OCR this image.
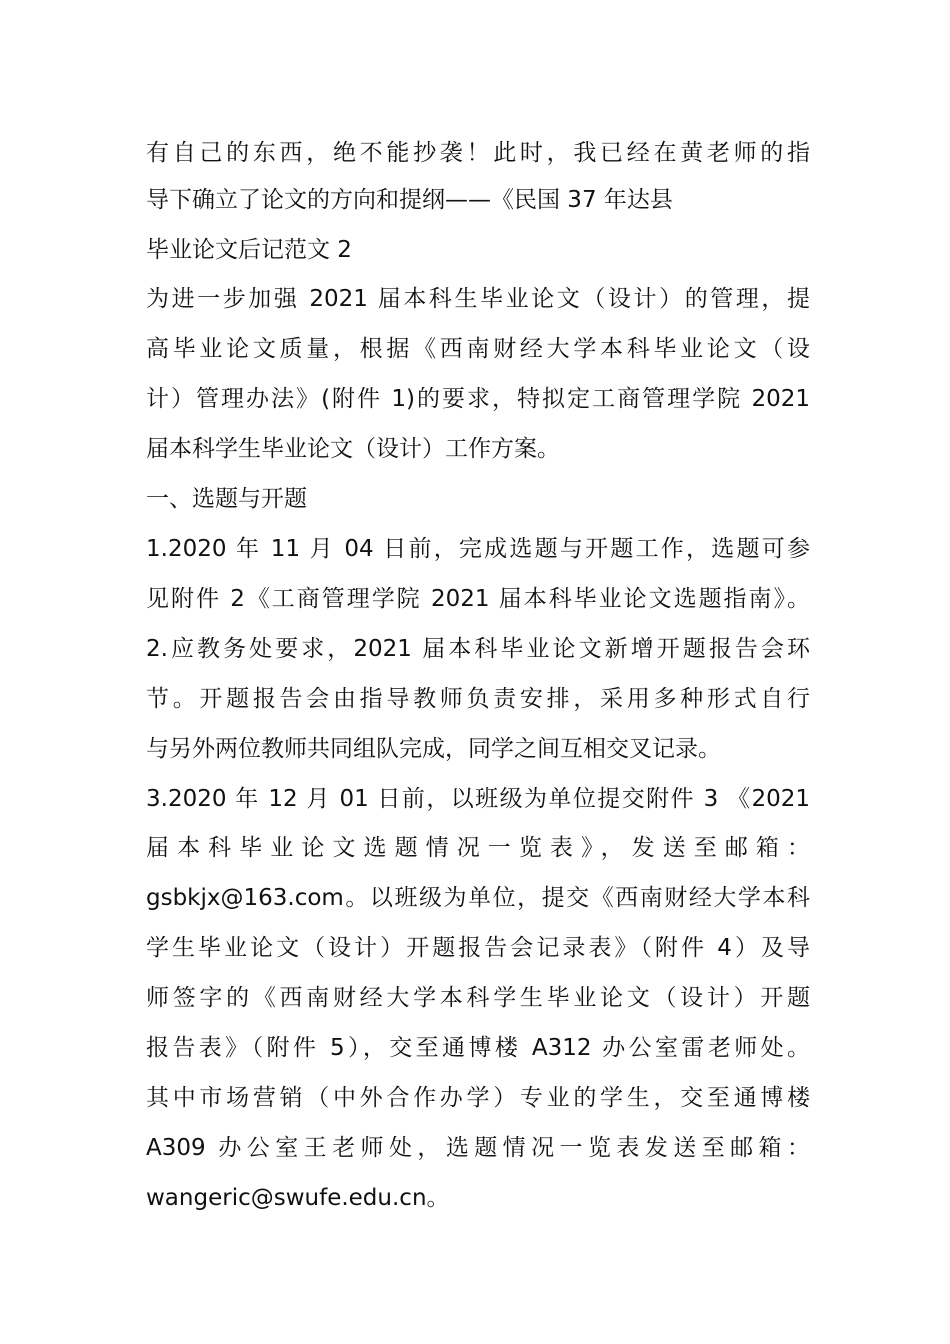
有自己的东西，绝不能抄袭！此时，我已经在黄老师的指
导下确立了论文的方向和提纲——《民国 37 年达县
毕业论文后记范文 2
为进一步加强 2021 届本科生毕业论文（设计）的管理，提
高毕业论文质量，根据《西南财经大学本科毕业论文（设
计）管理办法》(附件 1)的要求，特拟定工商管理学院 2021
届本科学生毕业论文（设计）工作方案。
一、选题与开题
1.2020 年 11 月 04 日前，完成选题与开题工作，选题可参
见附件 2《工商管理学院 2021 届本科毕业论文选题指南》。
2.应教务处要求，2021 届本科毕业论文新增开题报告会环
节。开题报告会由指导教师负责安排，采用多种形式自行
与另外两位教师共同组队完成，同学之间互相交叉记录。
3.2020 年 12 月 01 日前，以班级为单位提交附件 3 《2021
届本科毕业论文选题情况一览表》，发送至邮箱：
gsbkjx@163.com。以班级为单位，提交《西南财经大学本科
学生毕业论文（设计）开题报告会记录表》（附件 4）及导
师签字的《西南财经大学本科学生毕业论文（设计）开题
报告表》（附件 5），交至通博楼 A312 办公室雷老师处。
其中市场营销（中外合作办学）专业的学生，交至通博楼
A309 办公室王老师处，选题情况一览表发送至邮箱：
wangeric@swufe.edu.cn。
